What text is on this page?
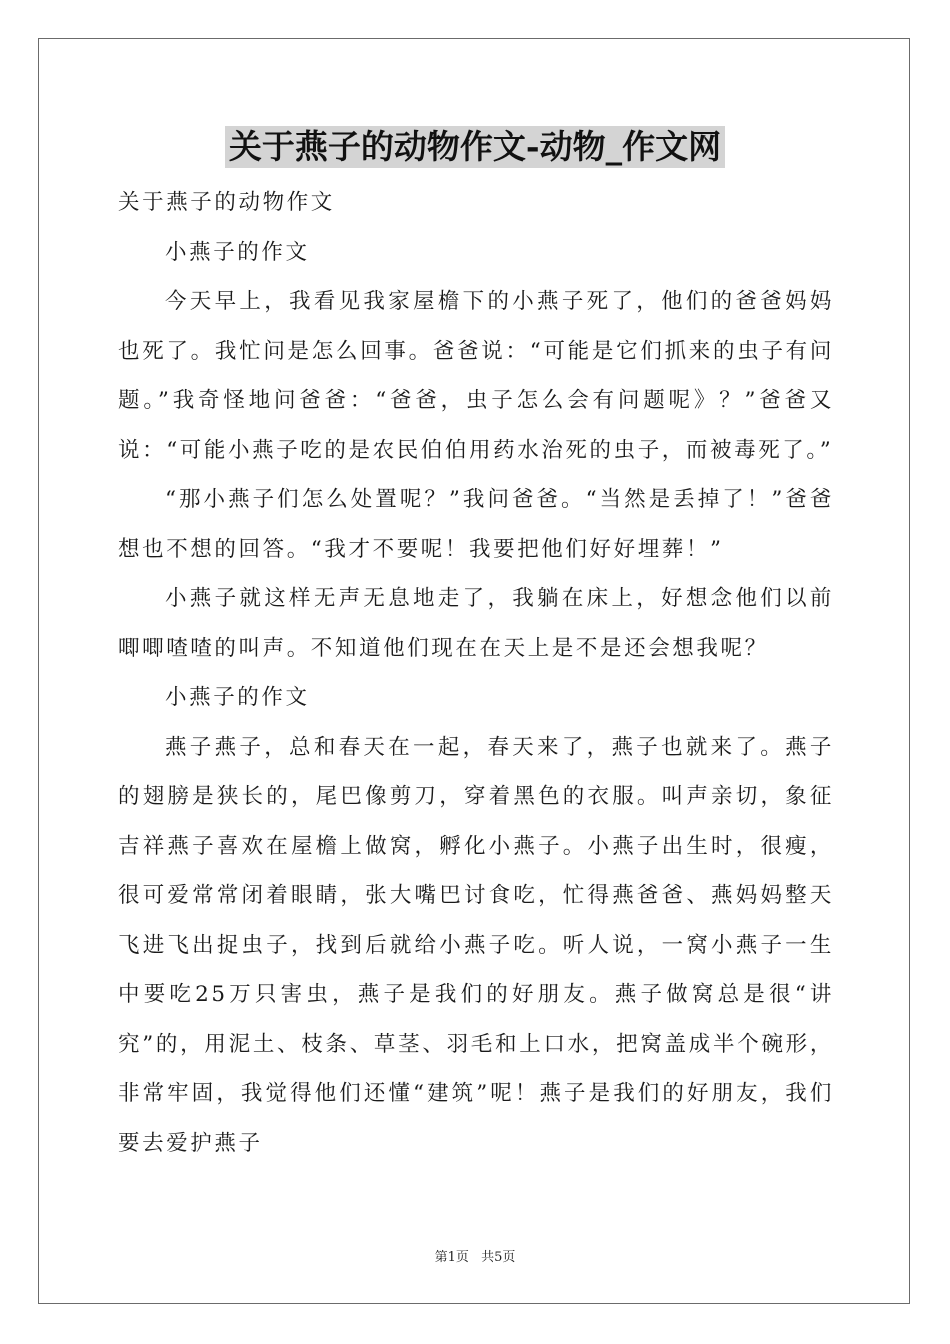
关于燕子的动物作文-动物_作文网

关于燕子的动物作文

小燕子的作文

今天早上，我看见我家屋檐下的小燕子死了，他们的爸爸妈妈也死了。我忙问是怎么回事。爸爸说：“可能是它们抓来的虫子有问题。”我奇怪地问爸爸：“爸爸，虫子怎么会有问题呢》？”爸爸又说：“可能小燕子吃的是农民伯伯用药水治死的虫子，而被毒死了。”

“那小燕子们怎么处置呢？”我问爸爸。“当然是丢掉了！”爸爸想也不想的回答。“我才不要呢！我要把他们好好埋葬！”

小燕子就这样无声无息地走了，我躺在床上，好想念他们以前唧唧喳喳的叫声。不知道他们现在在天上是不是还会想我呢？

小燕子的作文

燕子燕子，总和春天在一起，春天来了，燕子也就来了。燕子的翅膀是狭长的，尾巴像剪刀，穿着黑色的衣服。叫声亲切，象征吉祥燕子喜欢在屋檐上做窝，孵化小燕子。小燕子出生时，很瘦，很可爱常常闭着眼睛，张大嘴巴讨食吃，忙得燕爸爸、燕妈妈整天飞进飞出捉虫子，找到后就给小燕子吃。听人说，一窝小燕子一生中要吃25万只害虫，燕子是我们的好朋友。燕子做窝总是很“讲究”的，用泥土、枝条、草茎、羽毛和上口水，把窝盖成半个碗形，非常牢固，我觉得他们还懂“建筑”呢！燕子是我们的好朋友，我们要去爱护燕子

第1页 共5页
